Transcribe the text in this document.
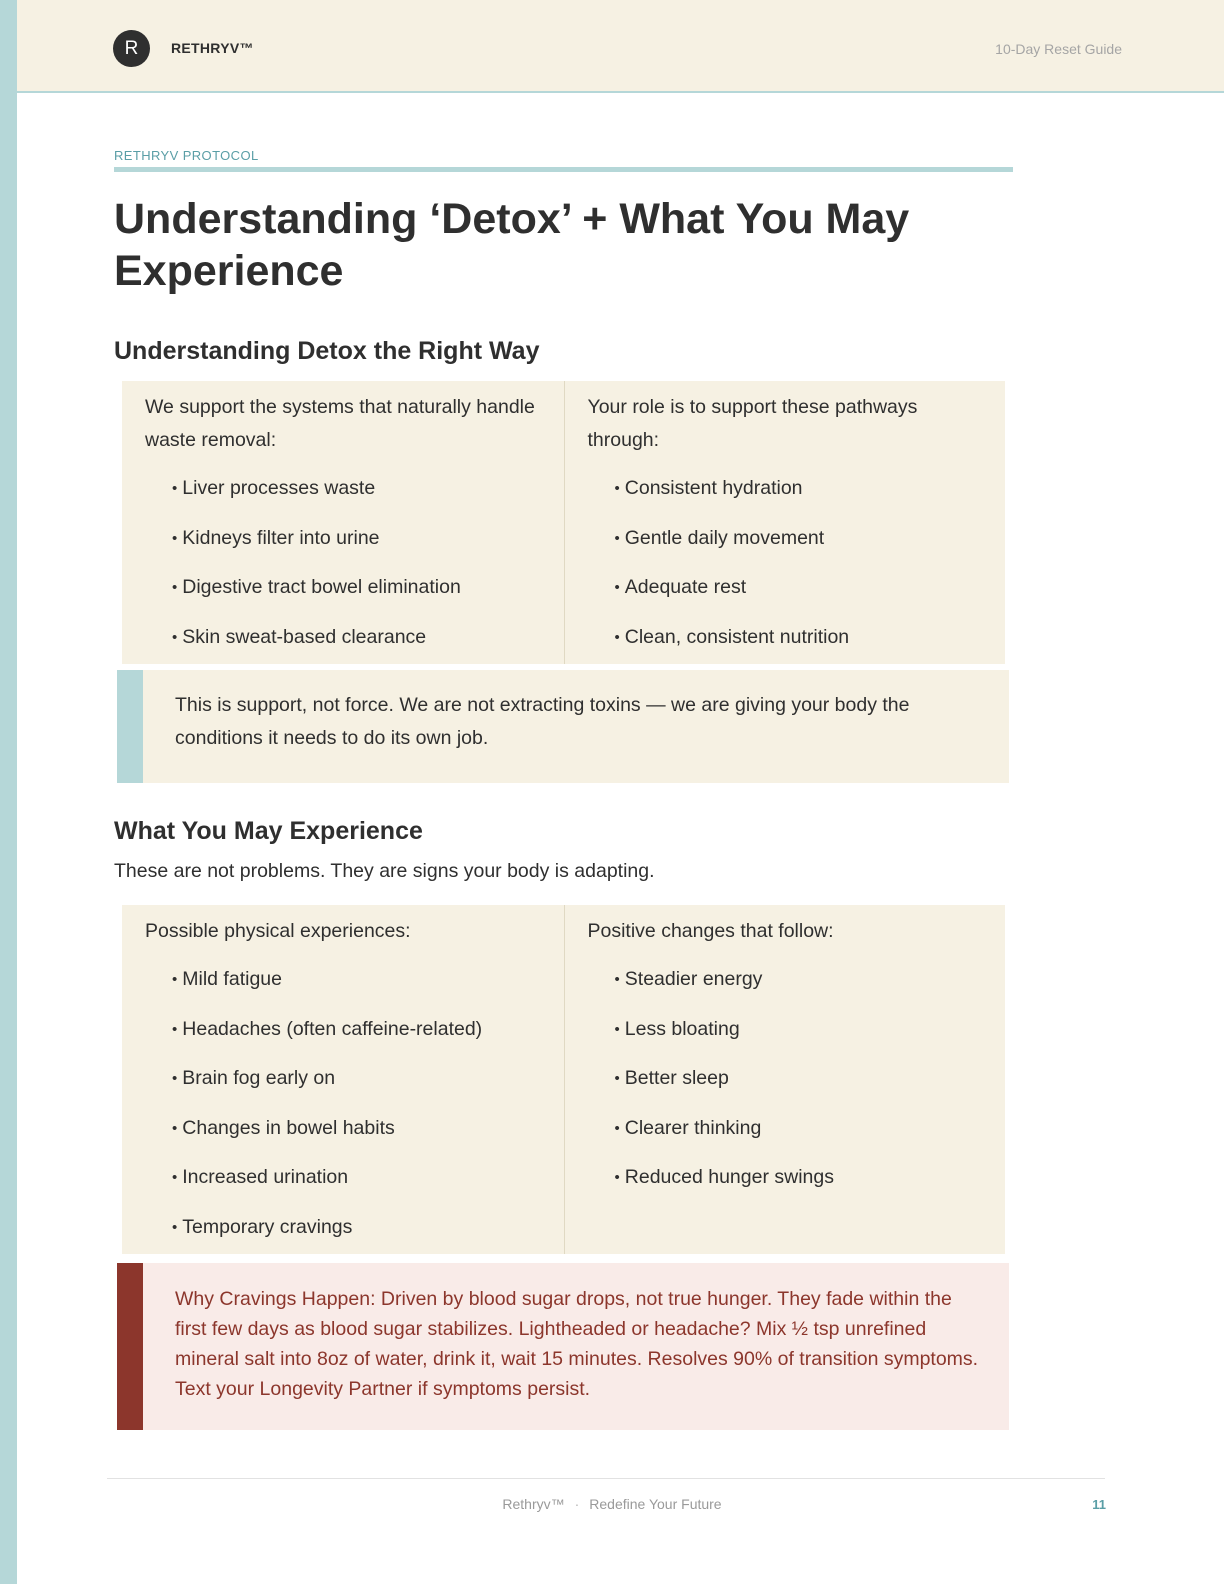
R	RETHRYV™	10-Day Reset Guide
RETHRYV PROTOCOL
Understanding ‘Detox’ + What You May Experience
Understanding Detox the Right Way
We support the systems that naturally handle waste removal:
• Liver processes waste
• Kidneys filter into urine
• Digestive tract bowel elimination
• Skin sweat-based clearance
Your role is to support these pathways through:
• Consistent hydration
• Gentle daily movement
• Adequate rest
• Clean, consistent nutrition
This is support, not force. We are not extracting toxins — we are giving your body the conditions it needs to do its own job.
What You May Experience

These are not problems. They are signs your body is adapting.

Possible physical experiences:
• Mild fatigue
• Headaches (often caffeine-related)
• Brain fog early on
• Changes in bowel habits
• Increased urination
• Temporary cravings
Positive changes that follow:
• Steadier energy
• Less bloating
• Better sleep
• Clearer thinking
• Reduced hunger swings
Why Cravings Happen: Driven by blood sugar drops, not true hunger. They fade within the first few days as blood sugar stabilizes. Lightheaded or headache? Mix ½ tsp unrefined mineral salt into 8oz of water, drink it, wait 15 minutes. Resolves 90% of transition symptoms. Text your Longevity Partner if symptoms persist.
Rethryv™ · Redefine Your Future	11
